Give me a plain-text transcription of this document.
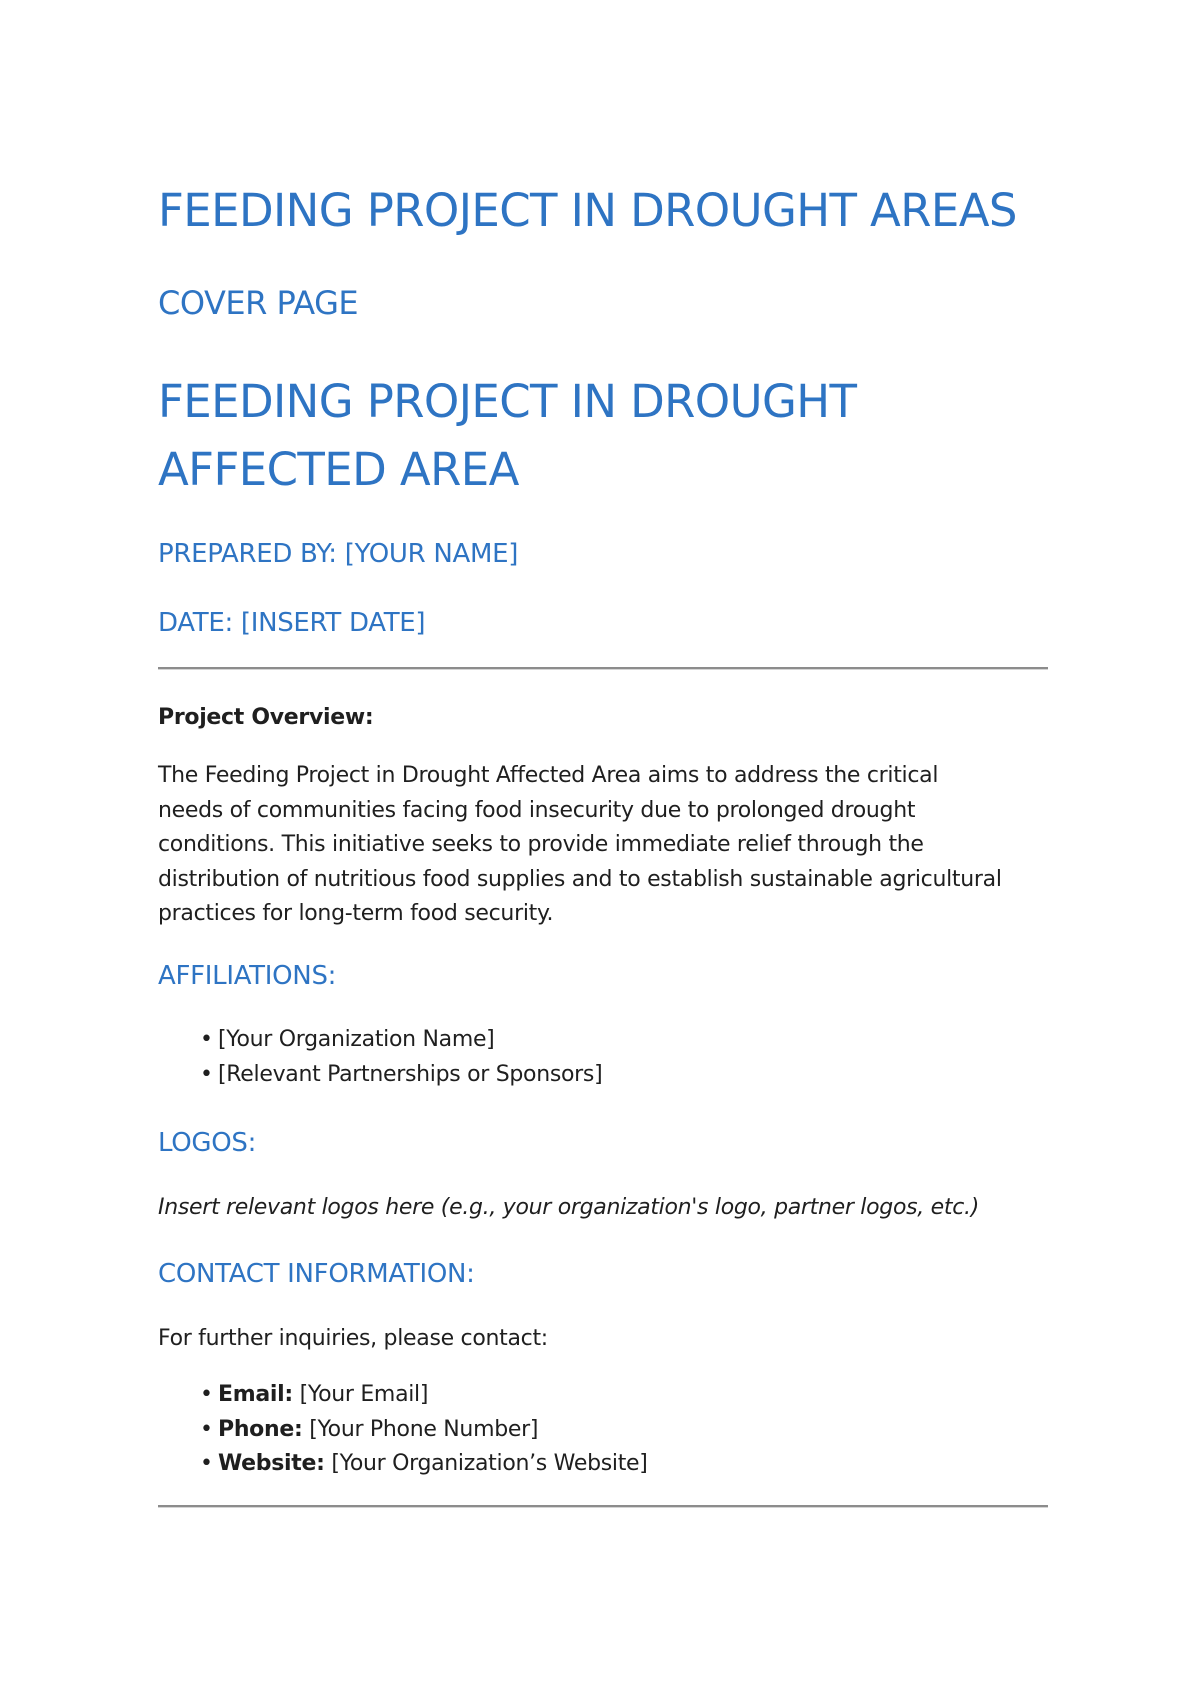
FEEDING PROJECT IN DROUGHT AREAS
COVER PAGE
FEEDING PROJECT IN DROUGHT AFFECTED AREA

PREPARED BY: [YOUR NAME]

DATE: [INSERT DATE]

Project Overview:

The Feeding Project in Drought Affected Area aims to address the critical needs of communities facing food insecurity due to prolonged drought conditions. This initiative seeks to provide immediate relief through the distribution of nutritious food supplies and to establish sustainable agricultural practices for long-term food security.

AFFILIATIONS:
• [Your Organization Name]
• [Relevant Partnerships or Sponsors]
LOGOS:

Insert relevant logos here (e.g., your organization's logo, partner logos, etc.)

CONTACT INFORMATION:

For further inquiries, please contact:

• Email: [Your Email]
• Phone: [Your Phone Number]
• Website: [Your Organization’s Website]
